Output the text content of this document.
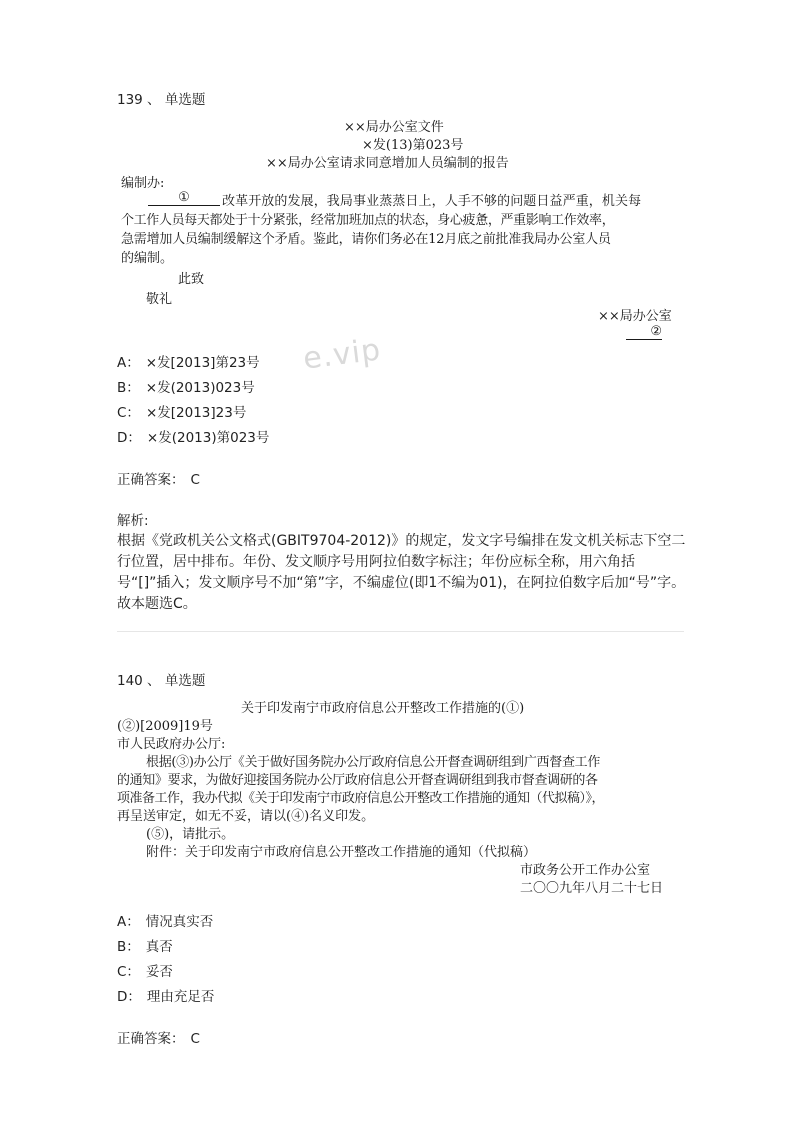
139 、 单选题
××局办公室文件
×发(13)第023号
××局办公室请求同意增加人员编制的报告
编制办:
①	改革开放的发展，我局事业蒸蒸日上，人手不够的问题日益严重，机关每
个工作人员每天都处于十分紧张，经常加班加点的状态，身心疲惫，严重影响工作效率，
急需增加人员编制缓解这个矛盾。鉴此，请你们务必在12月底之前批准我局办公室人员
的编制。
此致
敬礼
××局办公室
②
e.vip
A： ×发[2013]第23号
B： ×发(2013)023号
C： ×发[2013]23号
D： ×发(2013)第023号
正确答案： C
解析:
根据《党政机关公文格式(GBIT9704-2012)》的规定，发文字号编排在发文机关标志下空二行位置，居中排布。年份、发文顺序号用阿拉伯数字标注；年份应标全称，用六角括号“[]”插入；发文顺序号不加“第”字，不编虚位(即1不编为01)，在阿拉伯数字后加“号”字。故本题选C。
140 、 单选题
关于印发南宁市政府信息公开整改工作措施的(①)
(②)[2009]19号
市人民政府办公厅:
根据(③)办公厅《关于做好国务院办公厅政府信息公开督查调研组到广西督查工作
的通知》要求，为做好迎接国务院办公厅政府信息公开督查调研组到我市督查调研的各
项准备工作，我办代拟《关于印发南宁市政府信息公开整改工作措施的通知（代拟稿）》，
再呈送审定，如无不妥，请以(④)名义印发。
(⑤)，请批示。
附件：关于印发南宁市政府信息公开整改工作措施的通知（代拟稿）
市政务公开工作办公室
二〇〇九年八月二十七日
A： 情况真实否
B： 真否
C： 妥否
D： 理由充足否
正确答案： C
